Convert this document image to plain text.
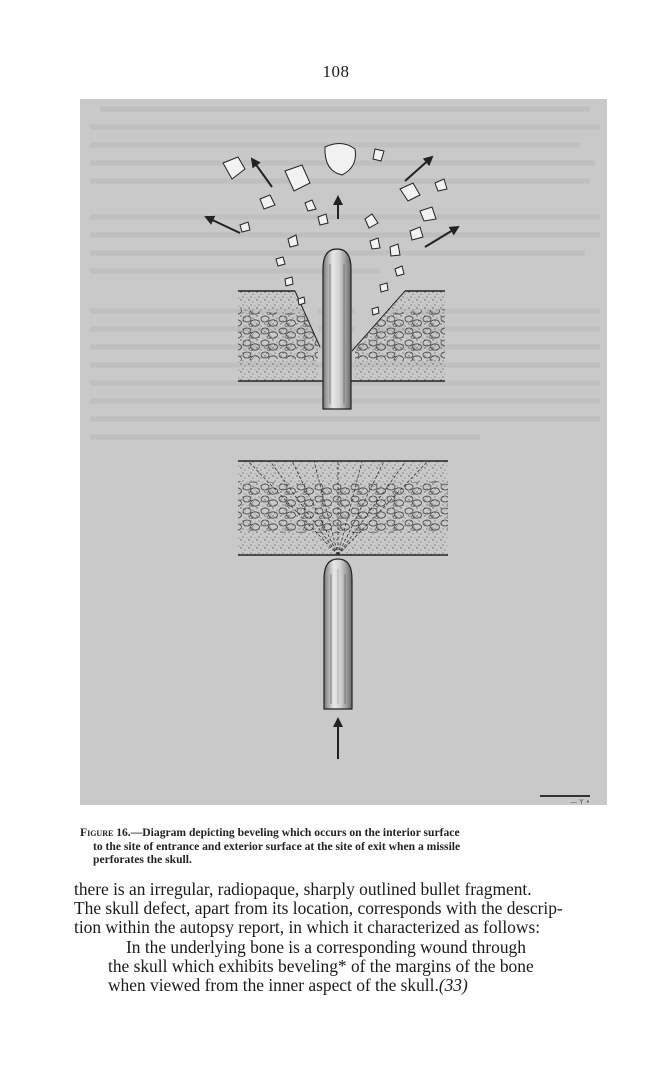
108
— Y •
Figure 16.—Diagram depicting beveling which occurs on the interior surface
to the site of entrance and exterior surface at the site of exit when a missile
perforates the skull.
there is an irregular, radiopaque, sharply outlined bullet fragment.
The skull defect, apart from its location, corresponds with the descrip-
tion within the autopsy report, in which it characterized as follows:
In the underlying bone is a corresponding wound through
the skull which exhibits beveling* of the margins of the bone
when viewed from the inner aspect of the skull.(33)
